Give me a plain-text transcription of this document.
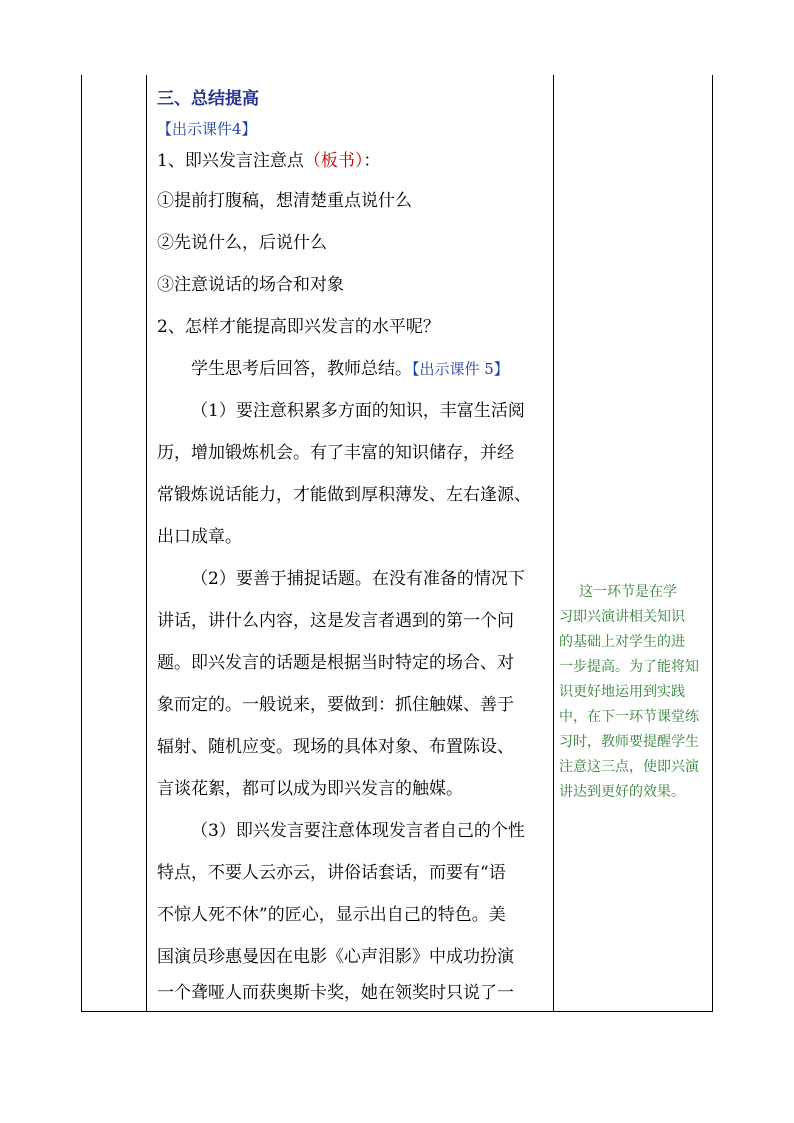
三、总结提高
【出示课件4】
1、即兴发言注意点（板书）：
①提前打腹稿，想清楚重点说什么
②先说什么，后说什么
③注意说话的场合和对象
2、怎样才能提高即兴发言的水平呢？
学生思考后回答，教师总结。【出示课件 5】
（1）要注意积累多方面的知识，丰富生活阅
历，增加锻炼机会。有了丰富的知识储存，并经
常锻炼说话能力，才能做到厚积薄发、左右逢源、
出口成章。
（2）要善于捕捉话题。在没有准备的情况下
讲话，讲什么内容，这是发言者遇到的第一个问
题。即兴发言的话题是根据当时特定的场合、对
象而定的。一般说来，要做到：抓住触媒、善于
辐射、随机应变。现场的具体对象、布置陈设、
言谈花絮，都可以成为即兴发言的触媒。
（3）即兴发言要注意体现发言者自己的个性
特点，不要人云亦云，讲俗话套话，而要有“语
不惊人死不休”的匠心，显示出自己的特色。美
国演员珍惠曼因在电影《心声泪影》中成功扮演
一个聋哑人而获奥斯卡奖，她在领奖时只说了一
这一环节是在学
习即兴演讲相关知识
的基础上对学生的进
一步提高。为了能将知
识更好地运用到实践
中，在下一环节课堂练
习时，教师要提醒学生
注意这三点，使即兴演
讲达到更好的效果。
